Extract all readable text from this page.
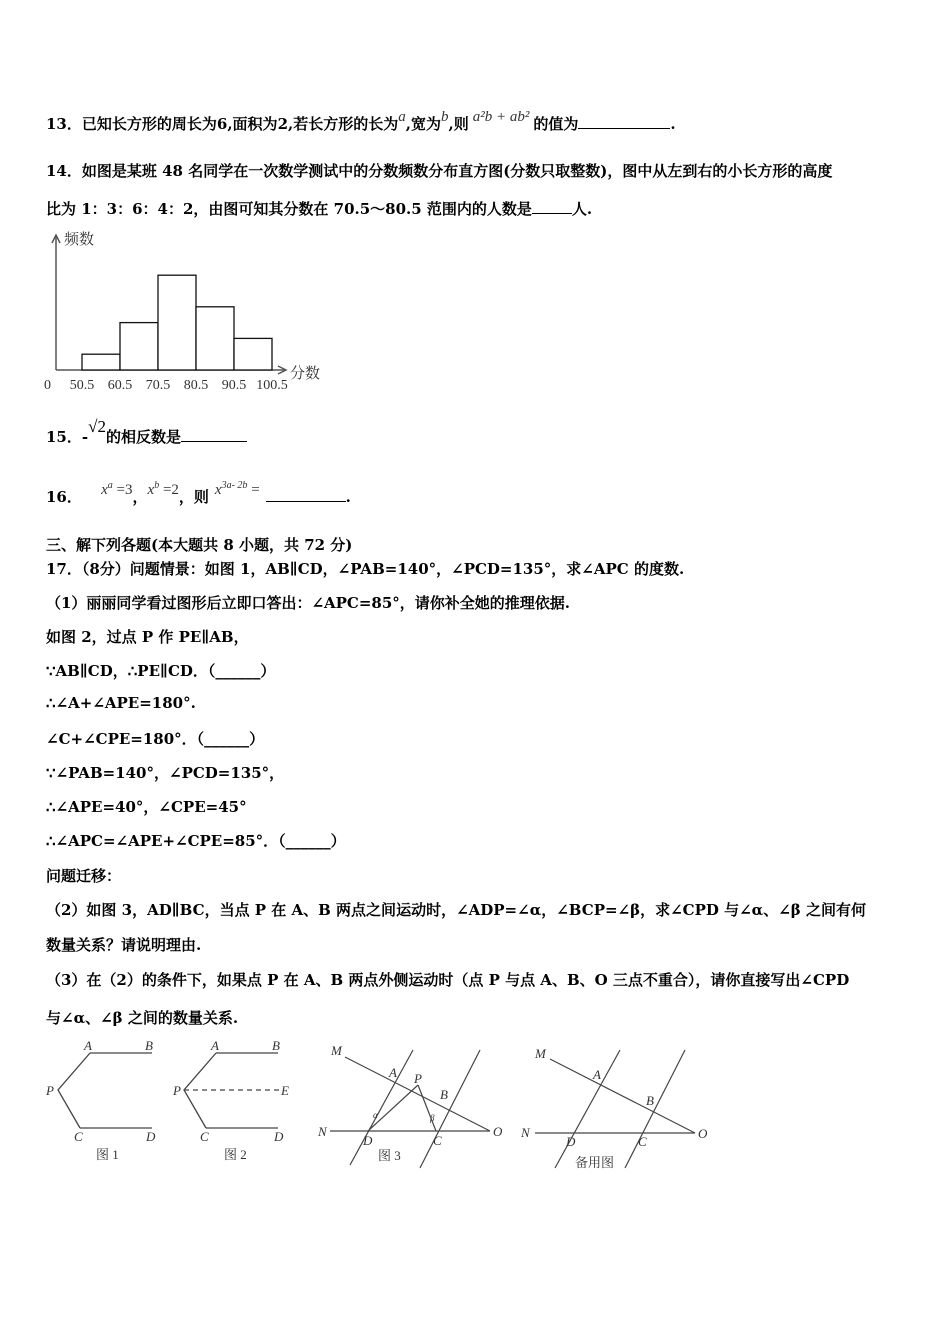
13．已知长方形的周长为6,面积为2,若长方形的长为a,宽为b,则 a²b + ab² 的值为	.
14．如图是某班 48 名同学在一次数学测试中的分数频数分布直方图(分数只取整数)，图中从左到右的小长方形的高度
比为 1：3：6：4：2，由图可知其分数在 70.5～80.5 范围内的人数是	人.
频数
分数
0 50.5 60.5 70.5 80.5 90.5 100.5
15．-√2的相反数是
16． $x^a =3$，$x^b =2$，则 $x^{3a- 2b}$ =	.
三、解下列各题(本大题共 8 小题，共 72 分)
17．（8分）问题情景：如图 1，AB∥CD，∠PAB=140°，∠PCD=135°，求∠APC 的度数.
（1）丽丽同学看过图形后立即口答出：∠APC=85°，请你补全她的推理依据.
如图 2，过点 P 作 PE∥AB，
∵AB∥CD，∴PE∥CD．（______）
∴∠A+∠APE=180°.
∠C+∠CPE=180°．（______）
∵∠PAB=140°，∠PCD=135°，
∴∠APE=40°，∠CPE=45°
∴∠APC=∠APE+∠CPE=85°．（______）
问题迁移：
（2）如图 3，AD∥BC，当点 P 在 A、B 两点之间运动时，∠ADP=∠α，∠BCP=∠β，求∠CPD 与∠α、∠β 之间有何
数量关系？请说明理由.
（3）在（2）的条件下，如果点 P 在 A、B 两点外侧运动时（点 P 与点 A、B、O 三点不重合），请你直接写出∠CPD
与∠α、∠β 之间的数量关系.
A	B
P
C	D
图 1
A	B
P	E
C	D
图 2
M
N	O
A P
B
D	C
α	β
图 3
M
N	O
A
B
D	C
备用图
